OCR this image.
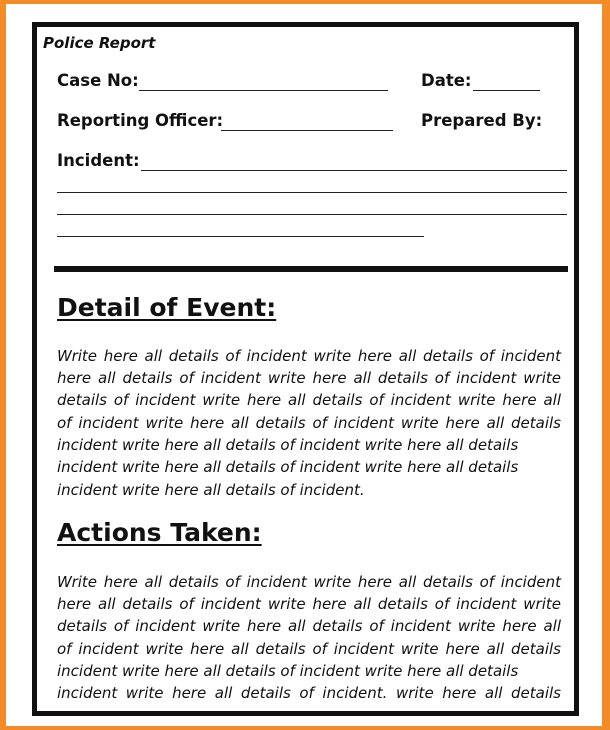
Police Report
Case No:	Date:
Reporting Officer:	Prepared By:
Incident:
Detail of Event:
Write here all details of incident write here all details of incident
here all details of incident write here all details of incident write
details of incident write here all details of incident write here all
of incident write here all details of incident write here all details
incident write here all details of incident write here all details
incident write here all details of incident write here all details
incident write here all details of incident.
Actions Taken:
Write here all details of incident write here all details of incident
here all details of incident write here all details of incident write
details of incident write here all details of incident write here all
of incident write here all details of incident write here all details
incident write here all details of incident write here all details
incident write here all details of incident. write here all details
